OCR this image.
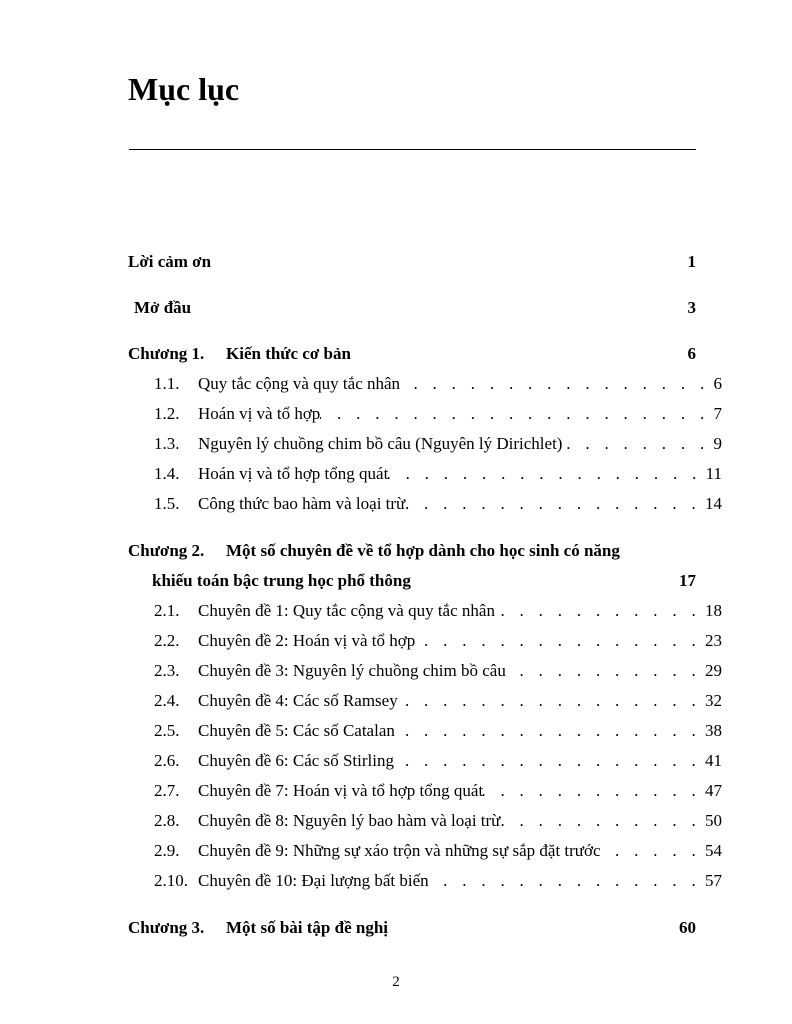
Mục lục
Lời cảm ơn	1
Mở đầu	3
Chương 1. Kiến thức cơ bản	6
1.1.	Quy tắc cộng và quy tắc nhân . . .	6
1.2.	Hoán vị và tổ hợp . . .	7
1.3.	Nguyên lý chuồng chim bồ câu (Nguyên lý Dirichlet) . . .	9
1.4.	Hoán vị và tổ hợp tổng quát . . .	11
1.5.	Công thức bao hàm và loại trừ . . .	14
Chương 2. Một số chuyên đề về tổ hợp dành cho học sinh có năng
khiếu toán bậc trung học phổ thông	17
2.1.	Chuyên đề 1: Quy tắc cộng và quy tắc nhân . . .	18
2.2.	Chuyên đề 2: Hoán vị và tổ hợp . . .	23
2.3.	Chuyên đề 3: Nguyên lý chuồng chim bồ câu . . .	29
2.4.	Chuyên đề 4: Các số Ramsey . . .	32
2.5.	Chuyên đề 5: Các số Catalan . . .	38
2.6.	Chuyên đề 6: Các số Stirling . . .	41
2.7.	Chuyên đề 7: Hoán vị và tổ hợp tổng quát . . .	47
2.8.	Chuyên đề 8: Nguyên lý bao hàm và loại trừ . . .	50
2.9.	Chuyên đề 9: Những sự xáo trộn và những sự sắp đặt trước . . .	54
2.10. Chuyên đề 10: Đại lượng bất biến . . .	57
Chương 3. Một số bài tập đề nghị	60
2
